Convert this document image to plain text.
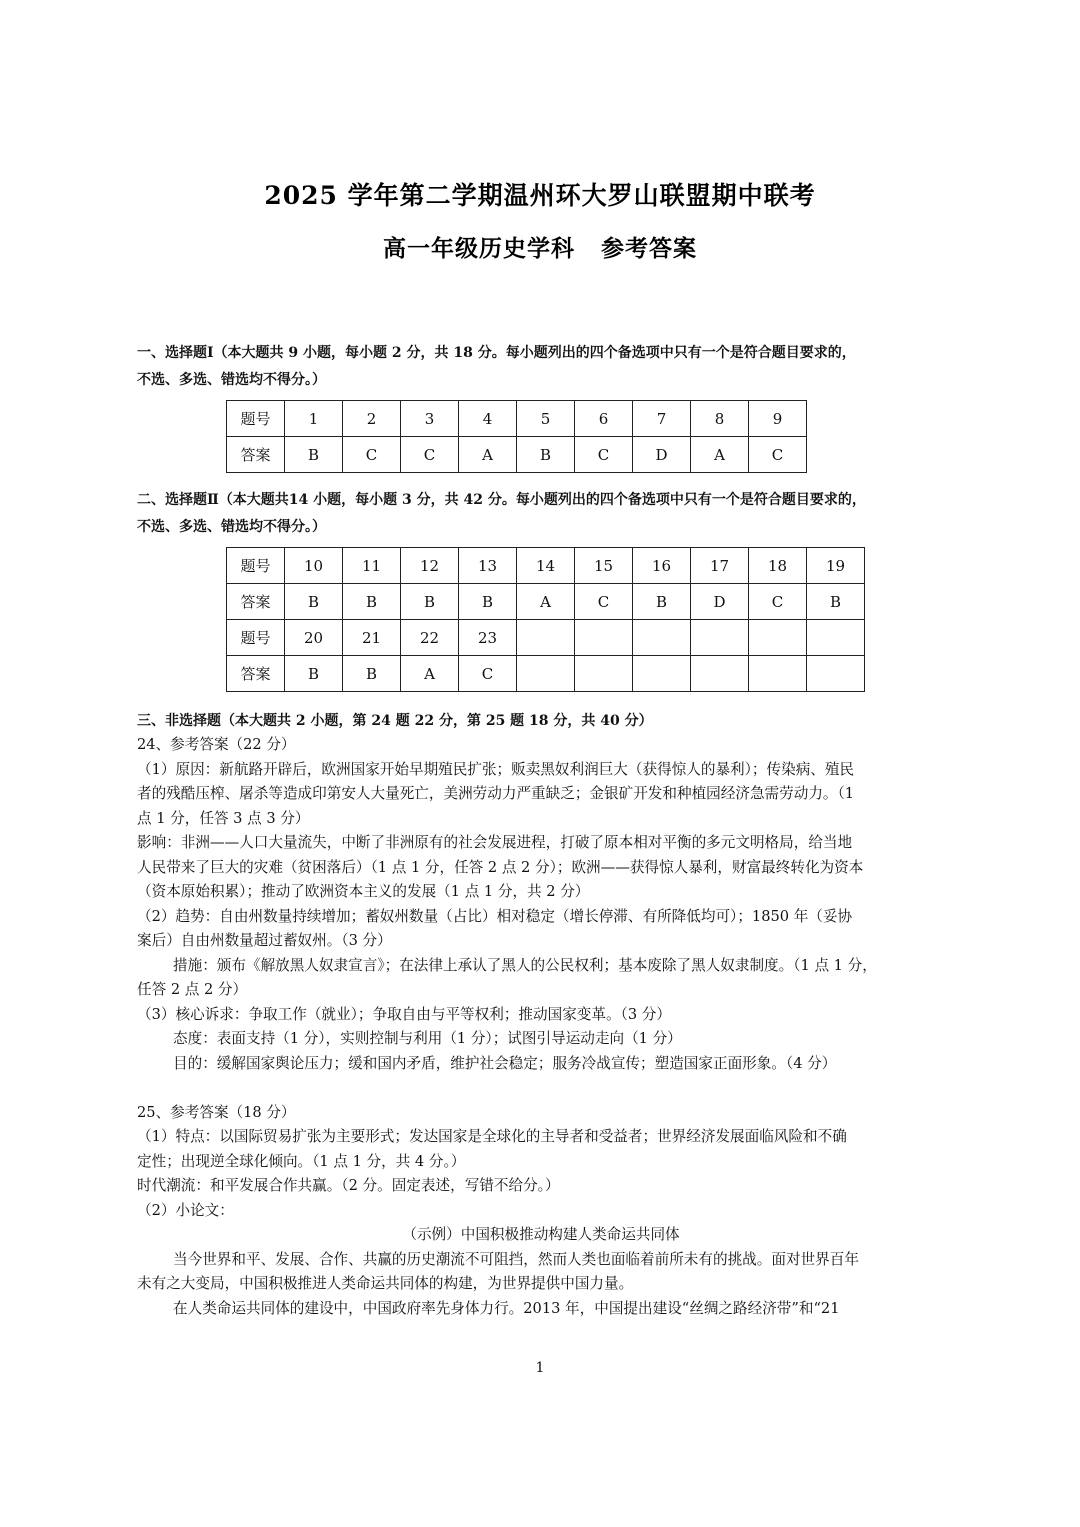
2025 学年第二学期温州环大罗山联盟期中联考
高一年级历史学科 参考答案
一、选择题Ⅰ（本大题共 9 小题，每小题 2 分，共 18 分。每小题列出的四个备选项中只有一个是符合题目要求的，
不选、多选、错选均不得分。）
题号	1	2	3	4	5	6	7	8	9
答案	B	C	C	A	B	C	D	A	C
二、选择题Ⅱ（本大题共14 小题，每小题 3 分，共 42 分。每小题列出的四个备选项中只有一个是符合题目要求的，
不选、多选、错选均不得分。）
题号	10	11	12	13	14	15	16	17	18	19
答案	B	B	B	B	A	C	B	D	C	B
题号	20	21	22	23						
答案	B	B	A	C						
三、非选择题（本大题共 2 小题，第 24 题 22 分，第 25 题 18 分，共 40 分）

24、参考答案（22 分）

（1）原因：新航路开辟后，欧洲国家开始早期殖民扩张；贩卖黑奴利润巨大（获得惊人的暴利）；传染病、殖民

者的残酷压榨、屠杀等造成印第安人大量死亡，美洲劳动力严重缺乏；金银矿开发和种植园经济急需劳动力。（1

点 1 分，任答 3 点 3 分）

影响：非洲——人口大量流失，中断了非洲原有的社会发展进程，打破了原本相对平衡的多元文明格局，给当地

人民带来了巨大的灾难（贫困落后）（1 点 1 分，任答 2 点 2 分）；欧洲——获得惊人暴利，财富最终转化为资本

（资本原始积累）；推动了欧洲资本主义的发展（1 点 1 分，共 2 分）

（2）趋势：自由州数量持续增加；蓄奴州数量（占比）相对稳定（增长停滞、有所降低均可）；1850 年（妥协

案后）自由州数量超过蓄奴州。（3 分）

措施：颁布《解放黑人奴隶宣言》；在法律上承认了黑人的公民权利；基本废除了黑人奴隶制度。（1 点 1 分，

任答 2 点 2 分）

（3）核心诉求：争取工作（就业）；争取自由与平等权利；推动国家变革。（3 分）

态度：表面支持（1 分），实则控制与利用（1 分）；试图引导运动走向（1 分）

目的：缓解国家舆论压力；缓和国内矛盾，维护社会稳定；服务冷战宣传；塑造国家正面形象。（4 分）

25、参考答案（18 分）

（1）特点：以国际贸易扩张为主要形式；发达国家是全球化的主导者和受益者；世界经济发展面临风险和不确

定性；出现逆全球化倾向。（1 点 1 分，共 4 分。）

时代潮流：和平发展合作共赢。（2 分。固定表述，写错不给分。）

（2）小论文：

（示例）中国积极推动构建人类命运共同体

当今世界和平、发展、合作、共赢的历史潮流不可阻挡，然而人类也面临着前所未有的挑战。面对世界百年

未有之大变局，中国积极推进人类命运共同体的构建，为世界提供中国力量。

在人类命运共同体的建设中，中国政府率先身体力行。2013 年，中国提出建设“丝绸之路经济带”和“21

1
